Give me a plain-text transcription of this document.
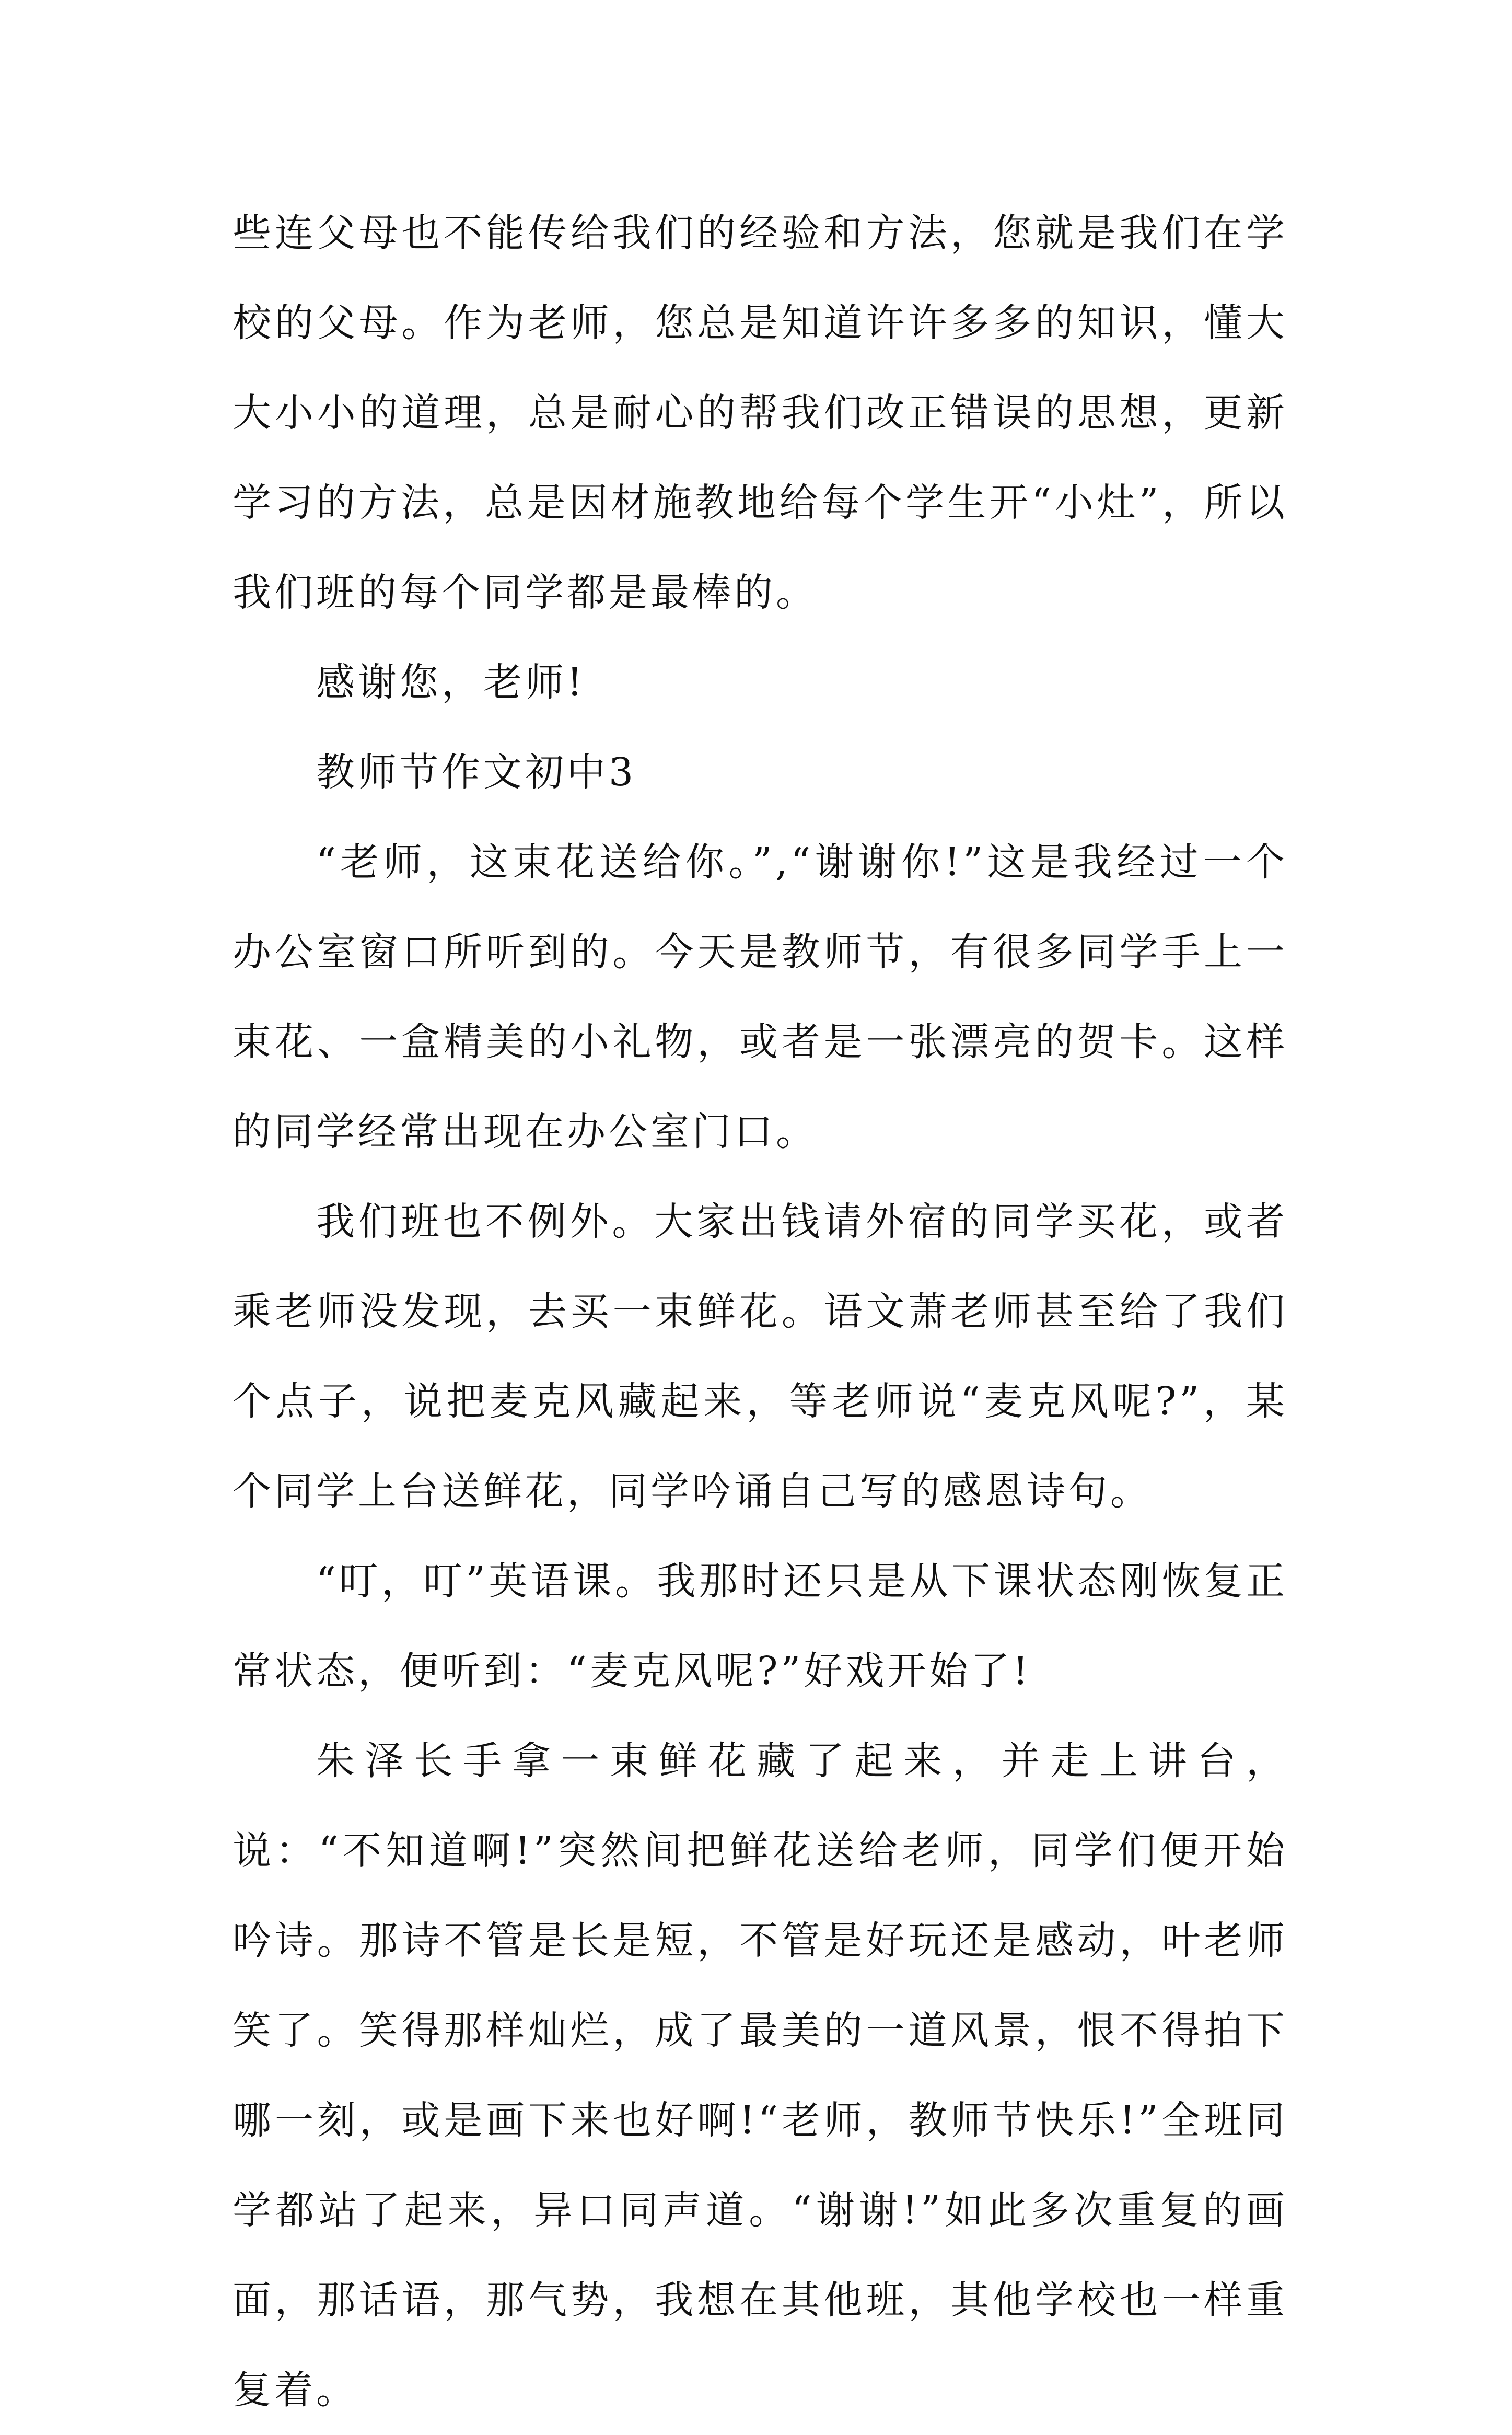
些连父母也不能传给我们的经验和方法，您就是我们在学校的父母。作为老师，您总是知道许许多多的知识，懂大大小小的道理，总是耐心的帮我们改正错误的思想，更新学习的方法，总是因材施教地给每个学生开“小灶”，所以我们班的每个同学都是最棒的。

感谢您，老师!

教师节作文初中3

“老师，这束花送给你。”,“谢谢你!”这是我经过一个办公室窗口所听到的。今天是教师节，有很多同学手上一束花、一盒精美的小礼物，或者是一张漂亮的贺卡。这样的同学经常出现在办公室门口。

我们班也不例外。大家出钱请外宿的同学买花，或者乘老师没发现，去买一束鲜花。语文萧老师甚至给了我们个点子，说把麦克风藏起来，等老师说“麦克风呢?”，某个同学上台送鲜花，同学吟诵自己写的感恩诗句。

“叮，叮”英语课。我那时还只是从下课状态刚恢复正常状态，便听到：“麦克风呢?”好戏开始了!

朱泽长手拿一束鲜花藏了起来，并走上讲台，说：“不知道啊!”突然间把鲜花送给老师，同学们便开始吟诗。那诗不管是长是短，不管是好玩还是感动，叶老师笑了。笑得那样灿烂，成了最美的一道风景，恨不得拍下哪一刻，或是画下来也好啊!“老师，教师节快乐!”全班同学都站了起来，异口同声道。“谢谢!”如此多次重复的画面，那话语，那气势，我想在其他班，其他学校也一样重复着。
